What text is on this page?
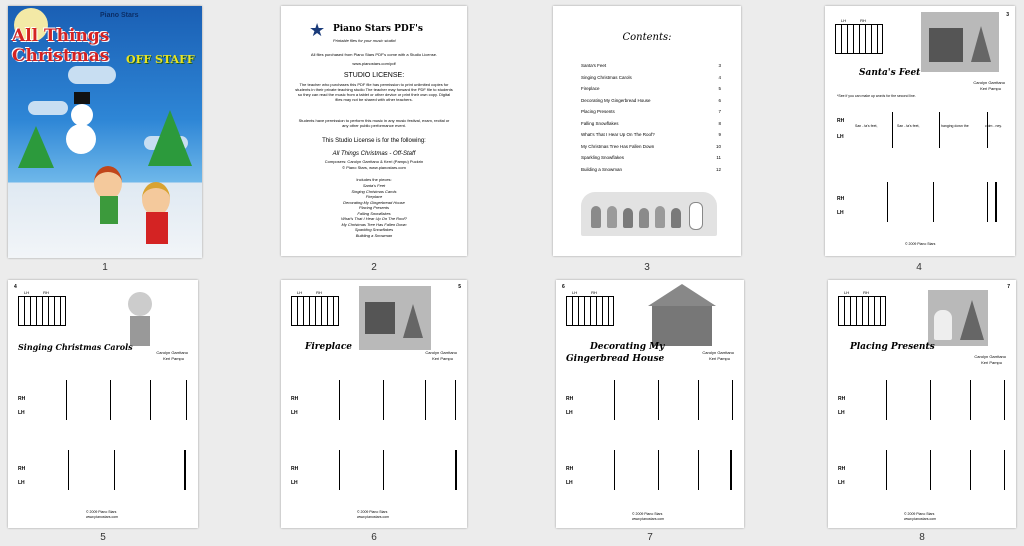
Piano Stars
All Things Christmas	OFF STAFF
1
★ Piano Stars PDF's
Printable files for your music studio!
All files purchased from Piano Stars PDF's come with a Studio License.
www.pianostars.com/pdf
STUDIO LICENSE:
The teacher who purchases this PDF file has permission to print unlimited copies for students in their private teaching studio The teacher may forward the PDF file to students so they can read the music from a tablet or other device or print their own copy. Digital files may not be shared with other teachers.
Students have permission to perform this music in any music festival, exam, recital or any other public performance event.
This Studio License is for the following:
All Things Christmas - Off-Staff
Composers: Carolyn Garritano & Kerri (Pampu) Puckrin
© Piano Stars, www.pianostars.com
Includes the pieces:
Santa's Feet
Singing Christmas Carols
Fireplace
Decorating My Gingerbread House
Placing Presents
Falling Snowflakes
What's That I Hear Up On The Roof?
My Christmas Tree Has Fallen Down
Sparkling Snowflakes
Building a Snowman
2
Contents:
Santa's Feet	3
Singing Christmas Carols	4
Fireplace	5
Decorating My Gingerbread House	6
Placing Presents	7
Falling Snowflakes	8
What's That I Hear Up On The Roof?	9
My Christmas Tree Has Fallen Down	10
Sparkling Snowflakes	11
Building a Snowman	12
3
3
LH	RH
Santa's Feet
Carolyn Garritano
Keri Pampu
*See if you can make up words for the second line.
RH
LH
San - ta's feet,	San - ta's feet,	hanging down the	chim - ney.
RH
LH
© 2009 Piano Stars
4
4
LH	RH
Singing Christmas Carols
Carolyn Garritano
Keri Pampu
RH
LH
RH
LH
© 2009 Piano Stars
www.pianostars.com
5
5
LH	RH
Fireplace
Carolyn Garritano
Keri Pampu
RH
LH
RH
LH
© 2009 Piano Stars
www.pianostars.com
6
6
LH	RH
Decorating My
Gingerbread House
Carolyn Garritano
Keri Pampu
RH
LH
RH
LH
© 2009 Piano Stars
www.pianostars.com
7
7
LH	RH
Placing Presents
Carolyn Garritano
Keri Pampu
RH
LH
RH
LH
© 2009 Piano Stars
www.pianostars.com
8
